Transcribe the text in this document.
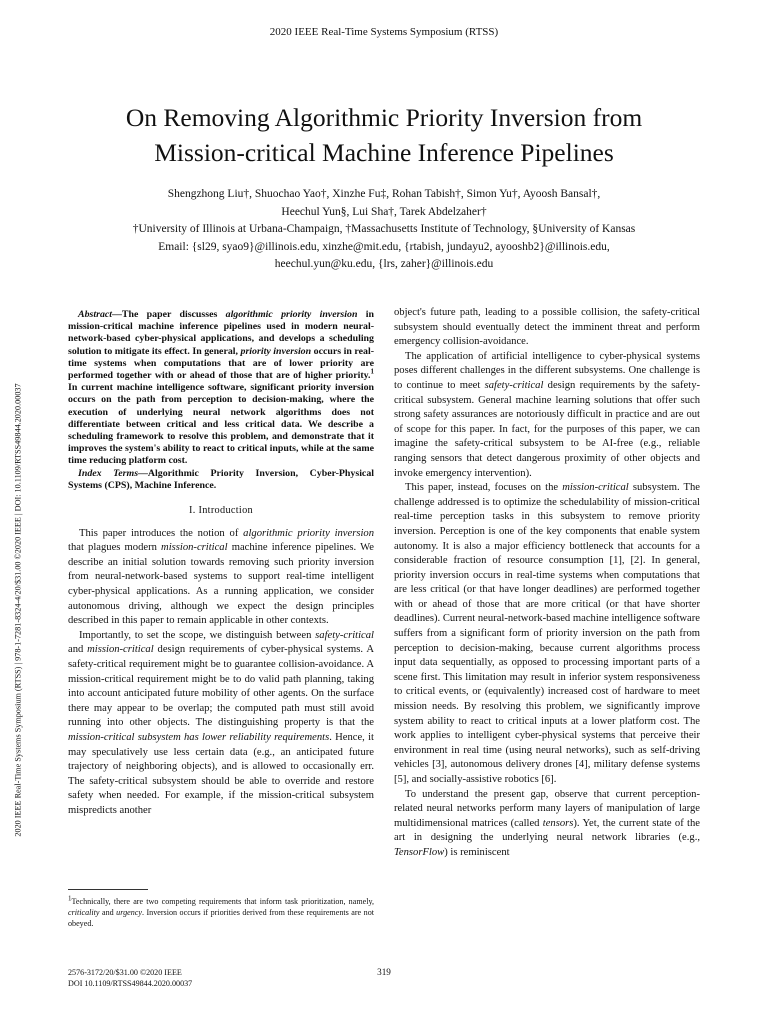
2020 IEEE Real-Time Systems Symposium (RTSS)
On Removing Algorithmic Priority Inversion from
Mission-critical Machine Inference Pipelines
Shengzhong Liu†, Shuochao Yao†, Xinzhe Fu‡, Rohan Tabish†, Simon Yu†, Ayoosh Bansal†,
Heechul Yun§, Lui Sha†, Tarek Abdelzaher†
†University of Illinois at Urbana-Champaign, †Massachusetts Institute of Technology, §University of Kansas
Email: {sl29, syao9}@illinois.edu, xinzhe@mit.edu, {rtabish, jundayu2, ayooshb2}@illinois.edu,
heechul.yun@ku.edu, {lrs, zaher}@illinois.edu
2020 IEEE Real-Time Systems Symposium (RTSS) | 978-1-7281-8324-4/20/$31.00 ©2020 IEEE | DOI: 10.1109/RTSS49844.2020.00037

Abstract—The paper discusses algorithmic priority inversion in mission-critical machine inference pipelines used in modern neural-network-based cyber-physical applications, and develops a scheduling solution to mitigate its effect. In general, priority inversion occurs in real-time systems when computations that are of lower priority are performed together with or ahead of those that are of higher priority.$^1$ In current machine intelligence software, significant priority inversion occurs on the path from perception to decision-making, where the execution of underlying neural network algorithms does not differentiate between critical and less critical data. We describe a scheduling framework to resolve this problem, and demonstrate that it improves the system's ability to react to critical inputs, while at the same time reducing platform cost.

Index Terms—Algorithmic Priority Inversion, Cyber-Physical Systems (CPS), Machine Inference.

I. Introduction

This paper introduces the notion of algorithmic priority inversion that plagues modern mission-critical machine inference pipelines. We describe an initial solution towards removing such priority inversion from neural-network-based systems to support real-time intelligent cyber-physical applications. As a running application, we consider autonomous driving, although we expect the design principles described in this paper to remain applicable in other contexts.

Importantly, to set the scope, we distinguish between safety-critical and mission-critical design requirements of cyber-physical systems. A safety-critical requirement might be to guarantee collision-avoidance. A mission-critical requirement might be to do valid path planning, taking into account anticipated future mobility of other agents. On the surface there may appear to be overlap; the computed path must still avoid running into other objects. The distinguishing property is that the mission-critical subsystem has lower reliability requirements. Hence, it may speculatively use less certain data (e.g., an anticipated future trajectory of neighboring objects), and is allowed to occasionally err. The safety-critical subsystem should be able to override and restore safety when needed. For example, if the mission-critical subsystem mispredicts another

1Technically, there are two competing requirements that inform task prioritization, namely, criticality and urgency. Inversion occurs if priorities derived from these requirements are not obeyed.

object's future path, leading to a possible collision, the safety-critical subsystem should eventually detect the imminent threat and perform emergency collision-avoidance.

The application of artificial intelligence to cyber-physical systems poses different challenges in the different subsystems. One challenge is to continue to meet safety-critical design requirements by the safety-critical subsystem. General machine learning solutions that offer such strong safety assurances are notoriously difficult in practice and are out of scope for this paper. In fact, for the purposes of this paper, we can imagine the safety-critical subsystem to be AI-free (e.g., reliable ranging sensors that detect dangerous proximity of other objects and invoke emergency intervention).

This paper, instead, focuses on the mission-critical subsystem. The challenge addressed is to optimize the schedulability of mission-critical real-time perception tasks in this subsystem to remove priority inversion. Perception is one of the key components that enable system autonomy. It is also a major efficiency bottleneck that accounts for a considerable fraction of resource consumption [1], [2]. In general, priority inversion occurs in real-time systems when computations that are less critical (or that have longer deadlines) are performed together with or ahead of those that are more critical (or that have shorter deadlines). Current neural-network-based machine intelligence software suffers from a significant form of priority inversion on the path from perception to decision-making, because current algorithms process input data sequentially, as opposed to processing important parts of a scene first. This limitation may result in inferior system responsiveness to critical events, or (equivalently) increased cost of hardware to meet mission needs. By resolving this problem, we significantly improve system ability to react to critical inputs at a lower platform cost. The work applies to intelligent cyber-physical systems that perceive their environment in real time (using neural networks), such as self-driving vehicles [3], autonomous delivery drones [4], military defense systems [5], and socially-assistive robotics [6].

To understand the present gap, observe that current perception-related neural networks perform many layers of manipulation of large multidimensional matrices (called tensors). Yet, the current state of the art in designing the underlying neural network libraries (e.g., TensorFlow) is reminiscent

2576-3172/20/$31.00 ©2020 IEEE
DOI 10.1109/RTSS49844.2020.00037
319
